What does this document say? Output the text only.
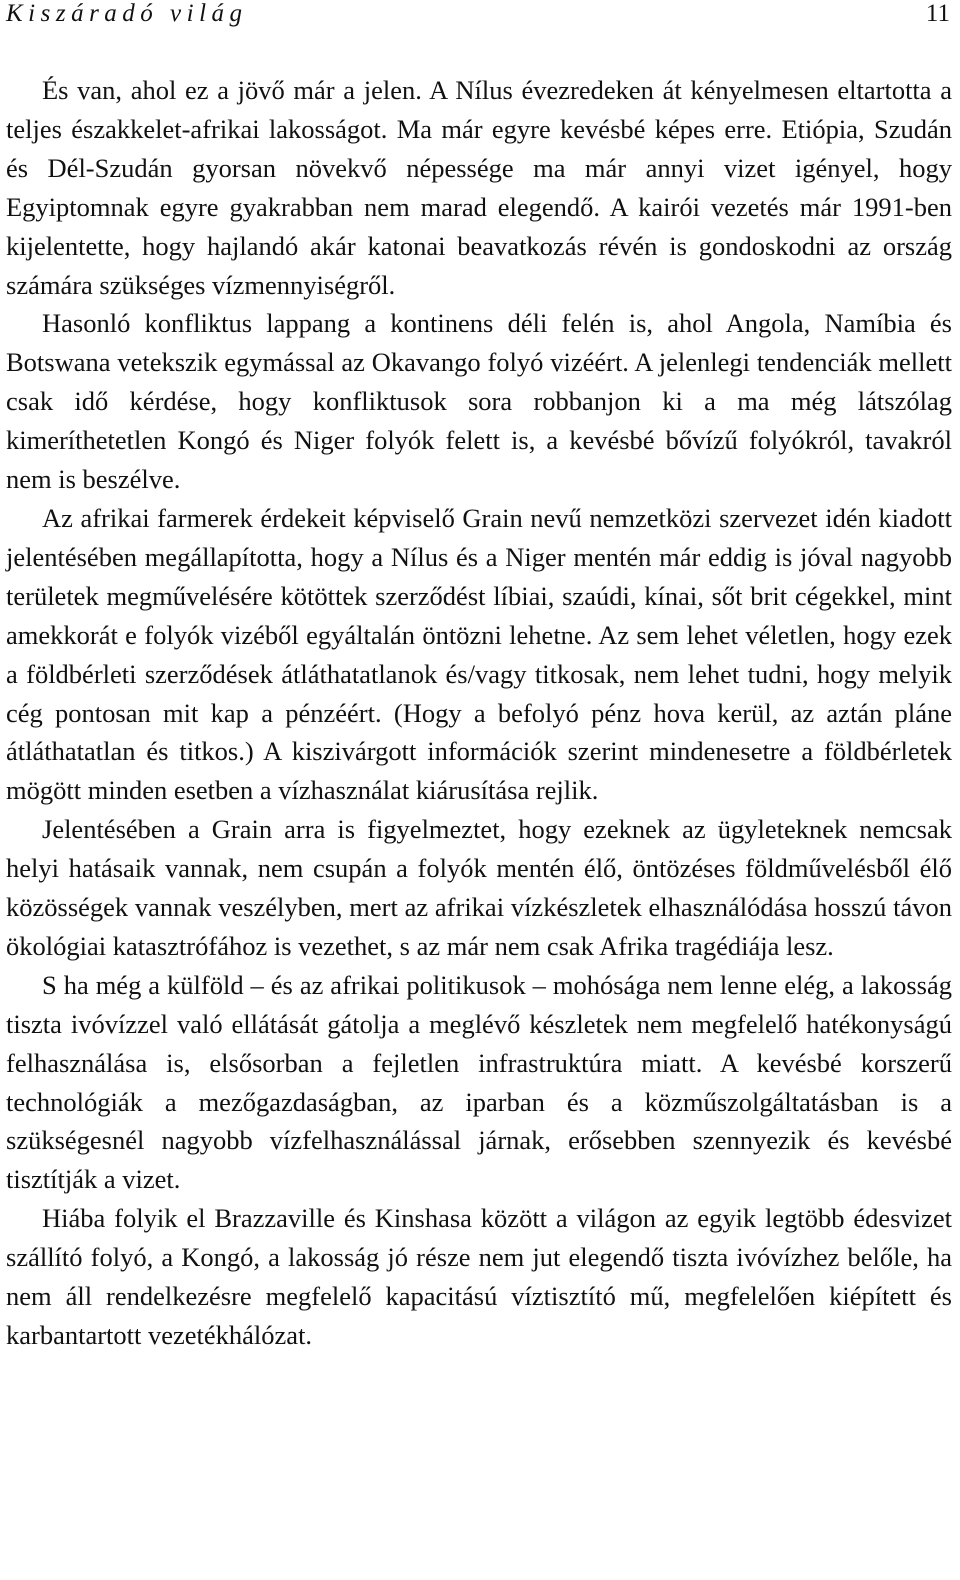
Kiszáradó világ	11

És van, ahol ez a jövő már a jelen. A Nílus évezredeken át kényelmesen eltartotta a teljes északkelet-afrikai lakosságot. Ma már egyre kevésbé képes erre. Etiópia, Szudán és Dél-Szudán gyorsan növekvő népessége ma már annyi vizet igényel, hogy Egyiptomnak egyre gyakrabban nem marad elegendő. A kairói vezetés már 1991-ben kijelentette, hogy hajlandó akár katonai beavatkozás révén is gondoskodni az ország számára szükséges vízmennyiségről.

Hasonló konfliktus lappang a kontinens déli felén is, ahol Angola, Namíbia és Botswana vetekszik egymással az Okavango folyó vizéért. A jelenlegi tendenciák mellett csak idő kérdése, hogy konfliktusok sora robbanjon ki a ma még látszólag kimeríthetetlen Kongó és Niger folyók felett is, a kevésbé bővízű folyókról, tavakról nem is beszélve.

Az afrikai farmerek érdekeit képviselő Grain nevű nemzetközi szervezet idén kiadott jelentésében megállapította, hogy a Nílus és a Niger mentén már eddig is jóval nagyobb területek megművelésére kötöttek szerződést líbiai, szaúdi, kínai, sőt brit cégekkel, mint amekkorát e folyók vizéből egyáltalán öntözni lehetne. Az sem lehet véletlen, hogy ezek a földbérleti szerződések átláthatatlanok és/vagy titkosak, nem lehet tudni, hogy melyik cég pontosan mit kap a pénzéért. (Hogy a befolyó pénz hova kerül, az aztán pláne átláthatatlan és titkos.) A kiszivárgott információk szerint mindenesetre a földbérletek mögött minden esetben a vízhasználat kiárusítása rejlik.

Jelentésében a Grain arra is figyelmeztet, hogy ezeknek az ügyleteknek nemcsak helyi hatásaik vannak, nem csupán a folyók mentén élő, öntözéses földművelésből élő közösségek vannak veszélyben, mert az afrikai vízkészletek elhasználódása hosszú távon ökológiai katasztrófához is vezethet, s az már nem csak Afrika tragédiája lesz.

S ha még a külföld – és az afrikai politikusok – mohósága nem lenne elég, a lakosság tiszta ivóvízzel való ellátását gátolja a meglévő készletek nem megfelelő hatékonyságú felhasználása is, elsősorban a fejletlen infrastruktúra miatt. A kevésbé korszerű technológiák a mezőgazdaságban, az iparban és a közműszolgáltatásban is a szükségesnél nagyobb vízfelhasználással járnak, erősebben szennyezik és kevésbé tisztítják a vizet.

Hiába folyik el Brazzaville és Kinshasa között a világon az egyik legtöbb édesvizet szállító folyó, a Kongó, a lakosság jó része nem jut elegendő tiszta ivóvízhez belőle, ha nem áll rendelkezésre megfelelő kapacitású víztisztító mű, megfelelően kiépített és karbantartott vezetékhálózat.
